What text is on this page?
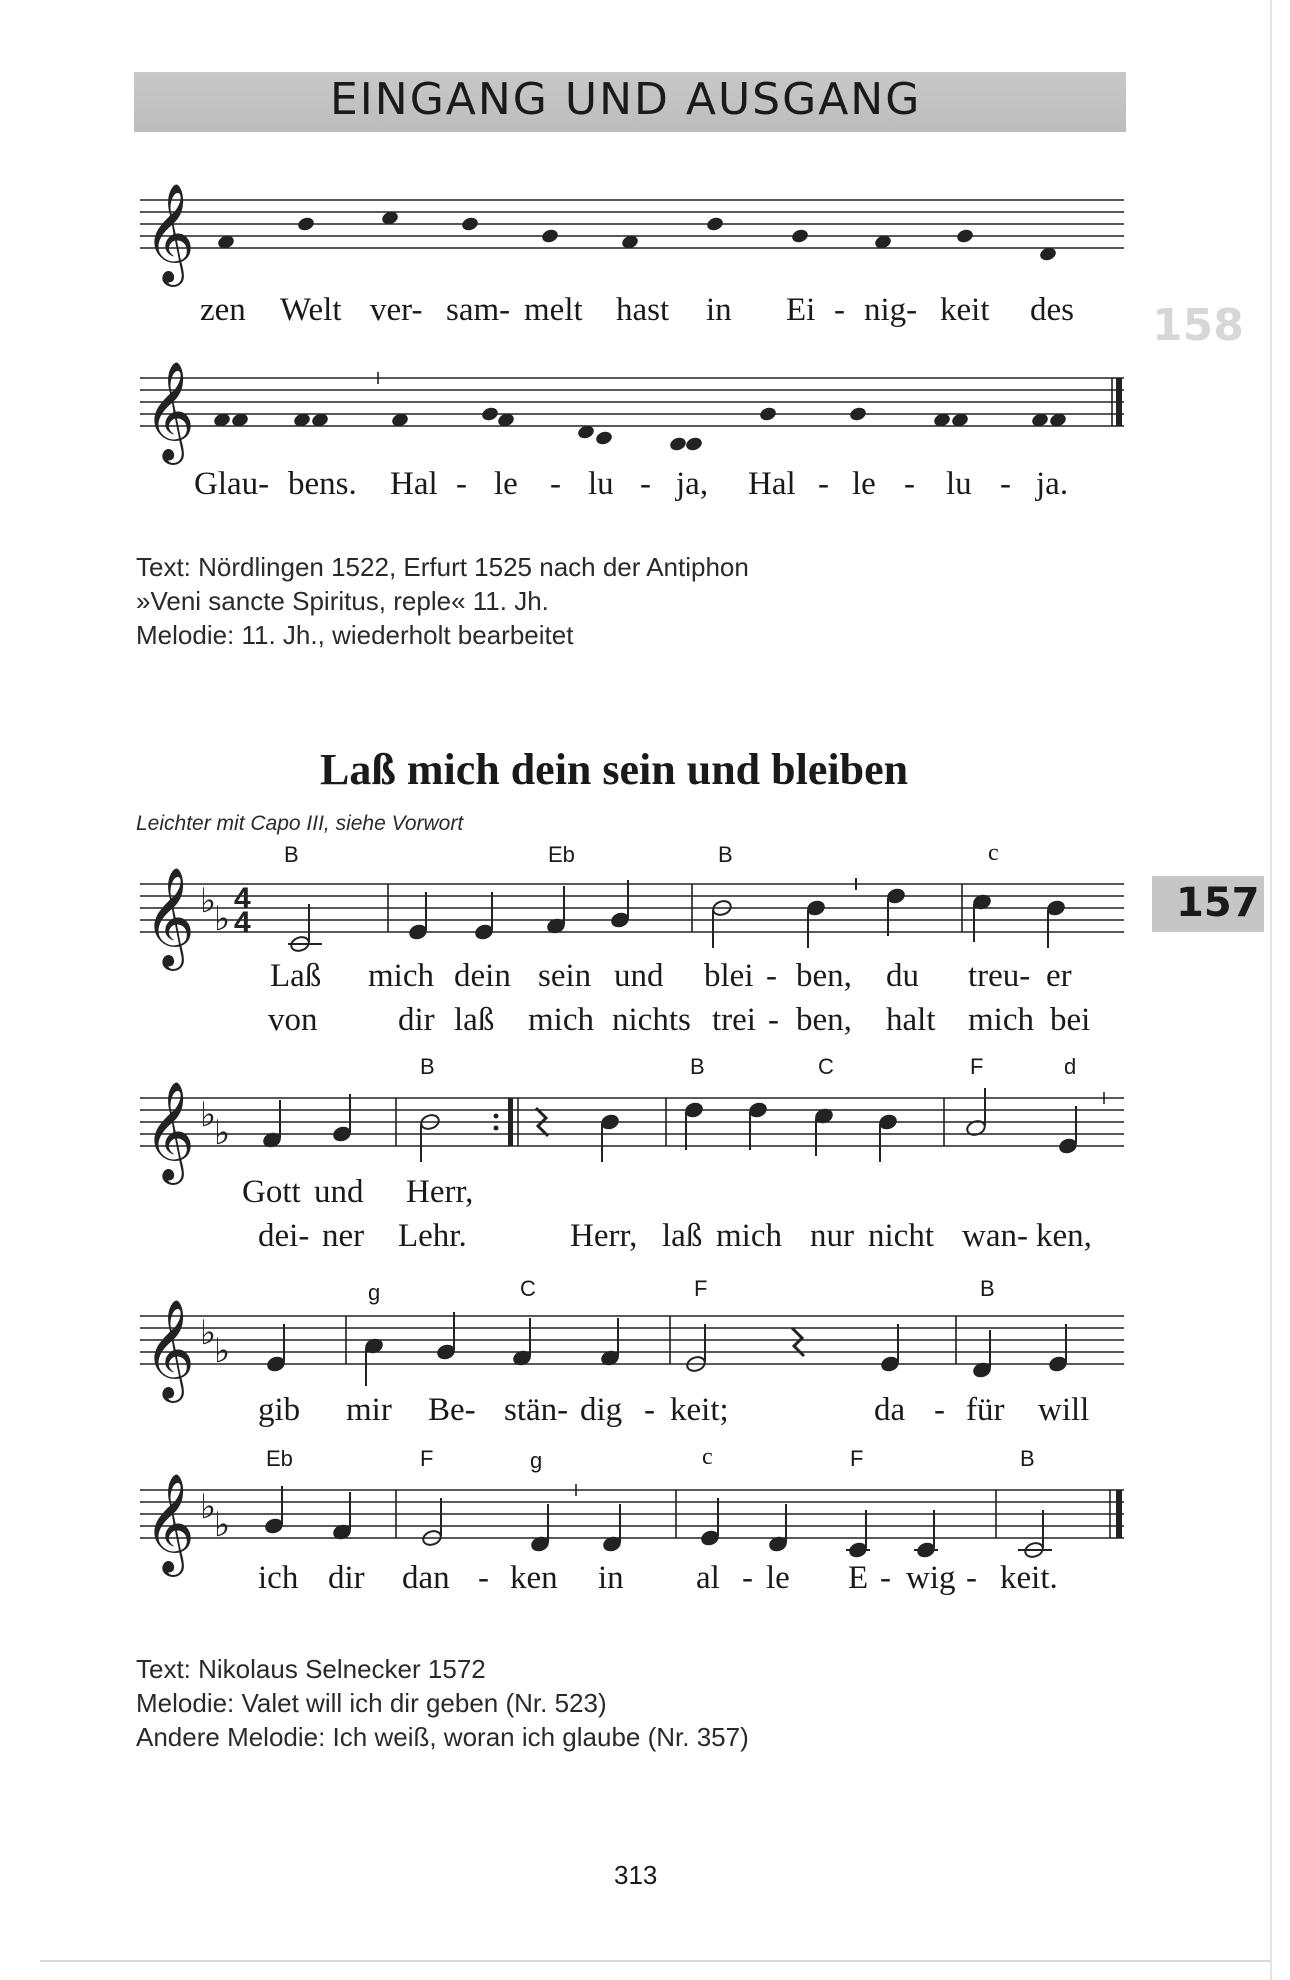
EINGANG UND AUSGANG
158
𝄞
zen Welt ver- sam- melt hast in Ei - nig- keit des
𝄞
Glau- bens. Hal - le - lu - ja, Hal - le - lu - ja.
Text: Nördlingen 1522, Erfurt 1525 nach der Antiphon
»Veni sancte Spiritus, reple« 11. Jh.
Melodie: 11. Jh., wiederholt bearbeitet
157
Laß mich dein sein und bleiben
Leichter mit Capo III, siehe Vorwort
B	Eb	B	c
𝄞 ♭
♭
4
4
Laß mich dein sein und blei - ben, du treu- er
von dir laß mich nichts trei - ben, halt mich bei
B	B	C	F	d
𝄞 ♭
♭
Gott und Herr,
dei- ner Lehr.	Herr, laß mich nur nicht wan- ken,
g	C	F	B
𝄞 ♭
♭
gib mir Be- stän- dig - keit;	da - für will
Eb	F	g	c	F	B
𝄞 ♭
♭
ich dir dan - ken in al - le E - wig - keit.
Text: Nikolaus Selnecker 1572
Melodie: Valet will ich dir geben (Nr. 523)
Andere Melodie: Ich weiß, woran ich glaube (Nr. 357)
313
